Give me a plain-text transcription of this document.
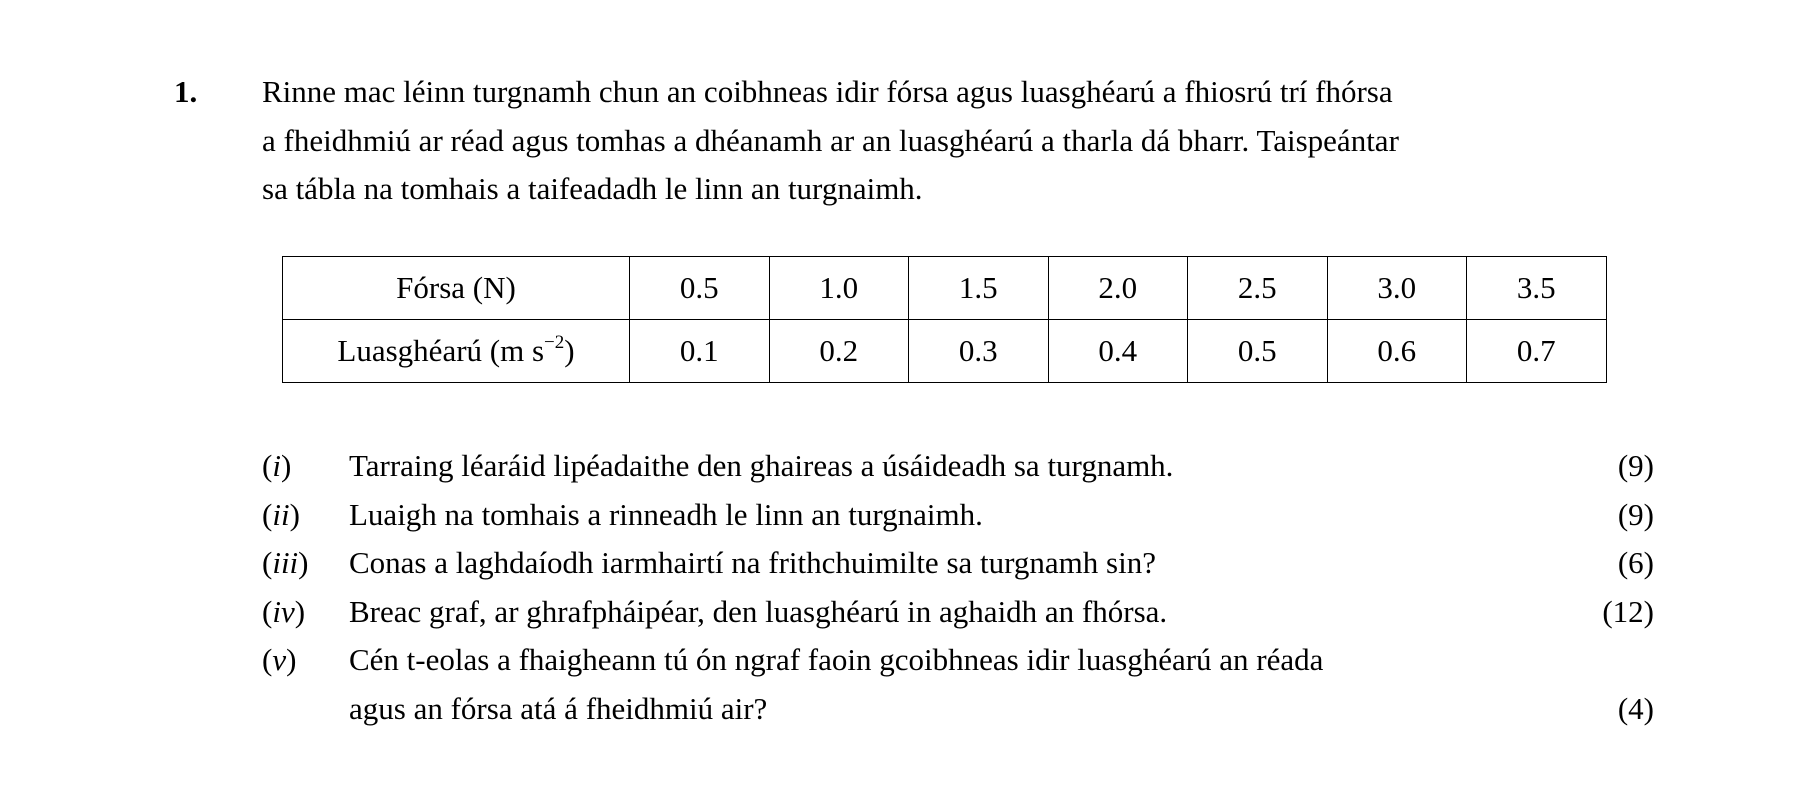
1. Rinne mac léinn turgnamh chun an coibhneas idir fórsa agus luasghéarú a fhiosrú trí fhórsa
a fheidhmiú ar réad agus tomhas a dhéanamh ar an luasghéarú a tharla dá bharr. Taispeántar
sa tábla na tomhais a taifeadadh le linn an turgnaimh.
Fórsa (N)	0.5	1.0	1.5	2.0	2.5	3.0	3.5
Luasghéarú (m $s^{-2}$)	0.1	0.2	0.3	0.4	0.5	0.6	0.7
(i) Tarraing léaráid lipéadaithe den ghaireas a úsáideadh sa turgnamh.	(9)
(ii) Luaigh na tomhais a rinneadh le linn an turgnaimh.	(9)
(iii) Conas a laghdaíodh iarmhairtí na frithchuimilte sa turgnamh sin?	(6)
(iv) Breac graf, ar ghrafpháipéar, den luasghéarú in aghaidh an fhórsa.	(12)
(v) Cén t-eolas a fhaigheann tú ón ngraf faoin gcoibhneas idir luasghéarú an réada
agus an fórsa atá á fheidhmiú air?	(4)
